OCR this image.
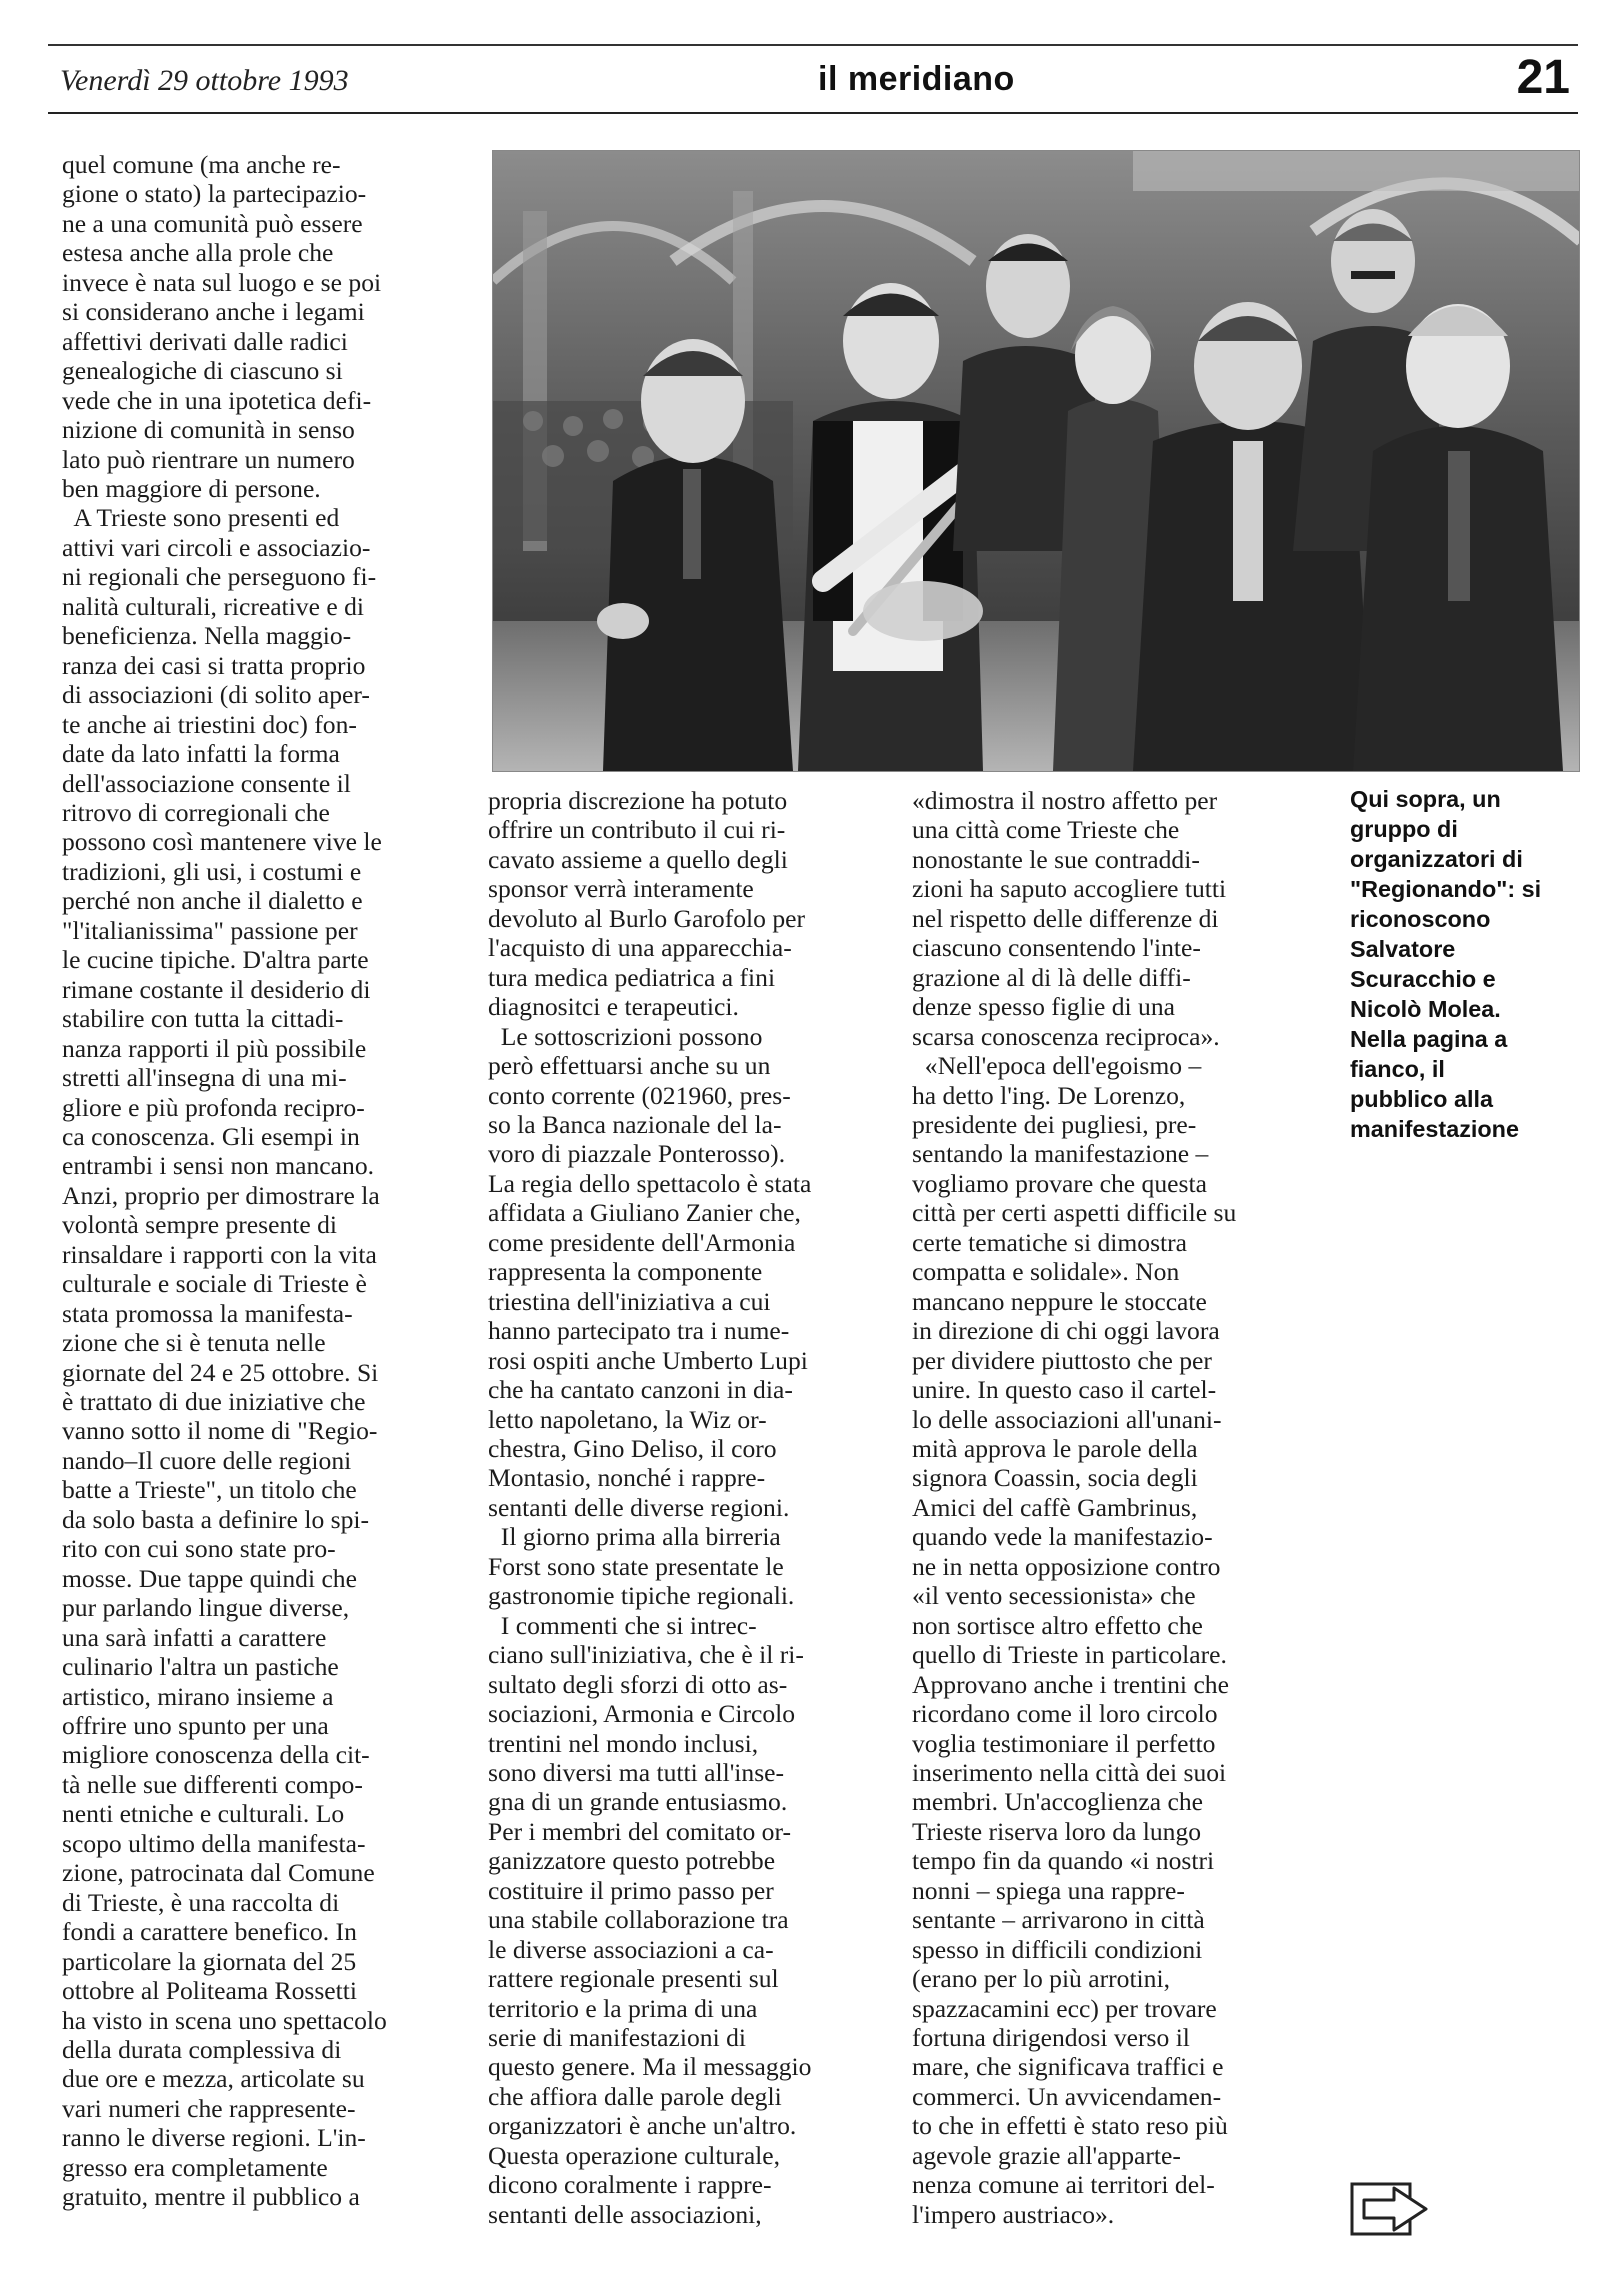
Venerdì 29 ottobre 1993	il meridiano	21
quel comune (ma anche re-
gione o stato) la partecipazio-
ne a una comunità può essere
estesa anche alla prole che
invece è nata sul luogo e se poi
si considerano anche i legami
affettivi derivati dalle radici
genealogiche di ciascuno si
vede che in una ipotetica defi-
nizione di comunità in senso
lato può rientrare un numero
ben maggiore di persone.
A Trieste sono presenti ed
attivi vari circoli e associazio-
ni regionali che perseguono fi-
nalità culturali, ricreative e di
beneficienza. Nella maggio-
ranza dei casi si tratta proprio
di associazioni (di solito aper-
te anche ai triestini doc) fon-
date da lato infatti la forma
dell'associazione consente il
ritrovo di corregionali che
possono così mantenere vive le
tradizioni, gli usi, i costumi e
perché non anche il dialetto e
"l'italianissima" passione per
le cucine tipiche. D'altra parte
rimane costante il desiderio di
stabilire con tutta la cittadi-
nanza rapporti il più possibile
stretti all'insegna di una mi-
gliore e più profonda recipro-
ca conoscenza. Gli esempi in
entrambi i sensi non mancano.
Anzi, proprio per dimostrare la
volontà sempre presente di
rinsaldare i rapporti con la vita
culturale e sociale di Trieste è
stata promossa la manifesta-
zione che si è tenuta nelle
giornate del 24 e 25 ottobre. Si
è trattato di due iniziative che
vanno sotto il nome di "Regio-
nando–Il cuore delle regioni
batte a Trieste", un titolo che
da solo basta a definire lo spi-
rito con cui sono state pro-
mosse. Due tappe quindi che
pur parlando lingue diverse,
una sarà infatti a carattere
culinario l'altra un pastiche
artistico, mirano insieme a
offrire uno spunto per una
migliore conoscenza della cit-
tà nelle sue differenti compo-
nenti etniche e culturali. Lo
scopo ultimo della manifesta-
zione, patrocinata dal Comune
di Trieste, è una raccolta di
fondi a carattere benefico. In
particolare la giornata del 25
ottobre al Politeama Rossetti
ha visto in scena uno spettacolo
della durata complessiva di
due ore e mezza, articolate su
vari numeri che rappresente-
ranno le diverse regioni. L'in-
gresso era completamente
gratuito, mentre il pubblico a
propria discrezione ha potuto
offrire un contributo il cui ri-
cavato assieme a quello degli
sponsor verrà interamente
devoluto al Burlo Garofolo per
l'acquisto di una apparecchia-
tura medica pediatrica a fini
diagnositci e terapeutici.
Le sottoscrizioni possono
però effettuarsi anche su un
conto corrente (021960, pres-
so la Banca nazionale del la-
voro di piazzale Ponterosso).
La regia dello spettacolo è stata
affidata a Giuliano Zanier che,
come presidente dell'Armonia
rappresenta la componente
triestina dell'iniziativa a cui
hanno partecipato tra i nume-
rosi ospiti anche Umberto Lupi
che ha cantato canzoni in dia-
letto napoletano, la Wiz or-
chestra, Gino Deliso, il coro
Montasio, nonché i rappre-
sentanti delle diverse regioni.
Il giorno prima alla birreria
Forst sono state presentate le
gastronomie tipiche regionali.
I commenti che si intrec-
ciano sull'iniziativa, che è il ri-
sultato degli sforzi di otto as-
sociazioni, Armonia e Circolo
trentini nel mondo inclusi,
sono diversi ma tutti all'inse-
gna di un grande entusiasmo.
Per i membri del comitato or-
ganizzatore questo potrebbe
costituire il primo passo per
una stabile collaborazione tra
le diverse associazioni a ca-
rattere regionale presenti sul
territorio e la prima di una
serie di manifestazioni di
questo genere. Ma il messaggio
che affiora dalle parole degli
organizzatori è anche un'altro.
Questa operazione culturale,
dicono coralmente i rappre-
sentanti delle associazioni,
«dimostra il nostro affetto per
una città come Trieste che
nonostante le sue contraddi-
zioni ha saputo accogliere tutti
nel rispetto delle differenze di
ciascuno consentendo l'inte-
grazione al di là delle diffi-
denze spesso figlie di una
scarsa conoscenza reciproca».
«Nell'epoca dell'egoismo –
ha detto l'ing. De Lorenzo,
presidente dei pugliesi, pre-
sentando la manifestazione –
vogliamo provare che questa
città per certi aspetti difficile su
certe tematiche si dimostra
compatta e solidale». Non
mancano neppure le stoccate
in direzione di chi oggi lavora
per dividere piuttosto che per
unire. In questo caso il cartel-
lo delle associazioni all'unani-
mità approva le parole della
signora Coassin, socia degli
Amici del caffè Gambrinus,
quando vede la manifestazio-
ne in netta opposizione contro
«il vento secessionista» che
non sortisce altro effetto che
quello di Trieste in particolare.
Approvano anche i trentini che
ricordano come il loro circolo
voglia testimoniare il perfetto
inserimento nella città dei suoi
membri. Un'accoglienza che
Trieste riserva loro da lungo
tempo fin da quando «i nostri
nonni – spiega una rappre-
sentante – arrivarono in città
spesso in difficili condizioni
(erano per lo più arrotini,
spazzacamini ecc) per trovare
fortuna dirigendosi verso il
mare, che significava traffici e
commerci. Un avvicendamen-
to che in effetti è stato reso più
agevole grazie all'apparte-
nenza comune ai territori del-
l'impero austriaco».
Qui sopra, un
gruppo di
organizzatori di
"Regionando": si
riconoscono
Salvatore
Scuracchio e
Nicolò Molea.
Nella pagina a
fianco, il
pubblico alla
manifestazione
